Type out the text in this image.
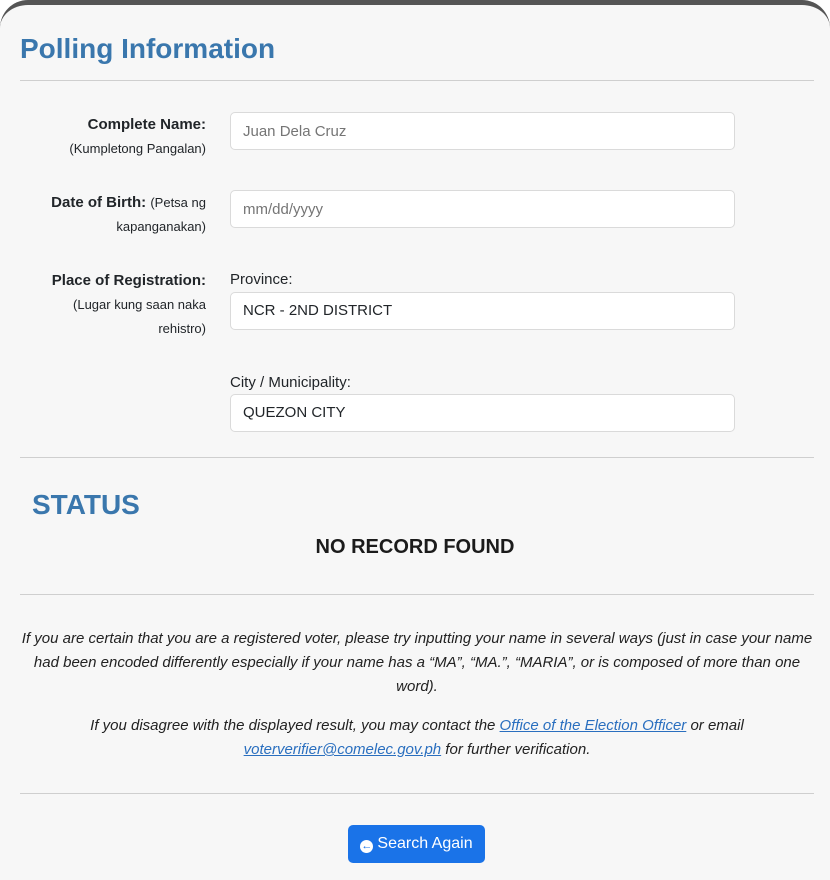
Polling Information
Complete Name:
(Kumpletong Pangalan)
Juan Dela Cruz
Date of Birth: (Petsa ng
kapanganakan)
mm/dd/yyyy
Place of Registration:
(Lugar kung saan naka
rehistro)
Province:
NCR - 2ND DISTRICT
City / Municipality:
QUEZON CITY
STATUS
NO RECORD FOUND
If you are certain that you are a registered voter, please try inputting your name in several ways (just in case your name had been encoded differently especially if your name has a “MA”, “MA.”, “MARIA”, or is composed of more than one word).
If you disagree with the displayed result, you may contact the Office of the Election Officer or email
voterverifier@comelec.gov.ph for further verification.
← Search Again
